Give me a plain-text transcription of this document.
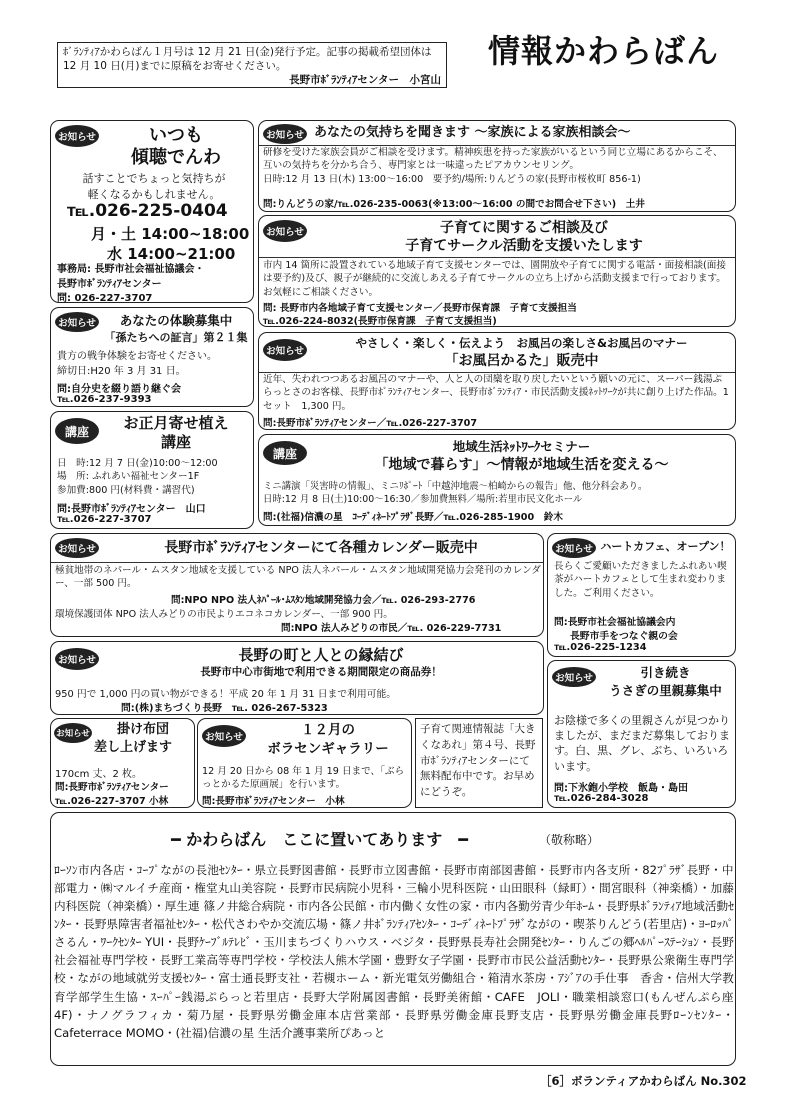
ﾎﾞﾗﾝﾃｨｱかわらばん１月号は 12 月 21 日(金)発行予定。記事の掲載希望団体は 12 月 10 日(月)までに原稿をお寄せください。
長野市ﾎﾞﾗﾝﾃｨｱセンター　小宮山
情報かわらばん
お知らせ	いつも
傾聴でんわ
話すことでちょっと気持ちが
軽くなるかもしれません。
℡.026-225-0404
月・土 14:00~18:00
水 14:00~21:00
事務局: 長野市社会福祉協議会・
長野市ﾎﾞﾗﾝﾃｨｱセンター
問: 026-227-3707
お知らせ あなたの気持ちを聞きます ～家族による家族相談会～
研修を受けた家族会員がご相談を受けます。精神疾患を持った家族がいるという同じ立場にあるからこそ、互いの気持ちを分かち合う、専門家とは一味違ったピアカウンセリング。
日時:12 月 13 日(木) 13:00～16:00　要予約/場所:りんどうの家(長野市桜枚町 856-1)
問:りんどうの家/℡.026-235-0063(※13:00～16:00 の間でお問合せ下さい)　土井
お知らせ	子育てに関するご相談及び
子育てサークル活動を支援いたします
市内 14 箇所に設置されている地域子育て支援センターでは、園開放や子育てに関する電話・面接相談(面接は要予約)及び、親子が継続的に交流しあえる子育てサークルの立ち上げから活動支援まで行っております。お気軽にご相談ください。
問: 長野市内各地域子育て支援センター／長野市保育課　子育て支援担当
℡.026-224-8032(長野市保育課　子育て支援担当)
お知らせ	あなたの体験募集中
「孫たちへの証言」第２１集
貴方の戦争体験をお寄せください。
締切日:H20 年 3 月 31 日。
問:自分史を綴り語り継ぐ会
℡.026-237-9393
お知らせ
やさしく・楽しく・伝えよう　お風呂の楽しさ&お風呂のマナー
「お風呂かるた」販売中
近年、失われつつあるお風呂のマナーや、人と人の団欒を取り戻したいという願いの元に、スーパー銭湯ぷらっとさのお客様、長野市ﾎﾞﾗﾝﾃｨｱセンター、長野市ﾎﾞﾗﾝﾃｨｱ・市民活動支援ﾈｯﾄﾜｰｸが共に創り上げた作品。1セット　1,300 円。
問:長野市ﾎﾞﾗﾝﾃｨｱセンター／℡.026-227-3707
講座	お正月寄せ植え
講座
日　時:12 月 7 日(金)10:00～12:00
場　所: ふれあい福祉センター1F
参加費:800 円(材料費・講習代)
問:長野市ﾎﾞﾗﾝﾃｨｱセンター　山口
℡.026-227-3707
講座	地域生活ﾈｯﾄﾜｰｸセミナー
「地域で暮らす」～情報が地域生活を変える～
ミニ講演「災害時の情報」、ミニﾘﾎﾟｰﾄ「中越沖地震～柏崎からの報告」他、他分科会あり。
日時:12 月 8 日(土)10:00～16:30／参加費無料／場所:若里市民文化ホール
問:(社福)信濃の星　ｺｰﾃﾞｨﾈｰﾄﾌﾟﾗｻﾞ長野／℡.026-285-1900　鈴木
お知らせ	長野市ﾎﾞﾗﾝﾃｨｱセンターにて各種カレンダー販売中
極貧地帯のネパール・ムスタン地域を支援している NPO 法人ネパール・ムスタン地域開発協力会発刊のカレンダー、一部 500 円。
問:NPO NPO 法人ﾈﾊﾟｰﾙ･ﾑｽﾀﾝ地域開発協力会／℡. 026-293-2776
環境保護団体 NPO 法人みどりの市民よりエコネコカレンダー、一部 900 円。
問:NPO 法人みどりの市民／℡. 026-229-7731
お知らせ ハートカフェ、オープン！
長らくご愛顧いただきましたふれあい喫茶がハートカフェとして生まれ変わりました。ご利用ください。
問:長野市社会福祉協議会内
長野市手をつなぐ親の会
℡.026-225-1234
お知らせ	長野の町と人との縁結び
長野市中心市街地で利用できる期間限定の商品券！
950 円で 1,000 円の買い物ができる！平成 20 年 1 月 31 日まで利用可能。
問:(株)まちづくり長野　℡. 026-267-5323
お知らせ	引き続き
うさぎの里親募集中
お陰様で多くの里親さんが見つかりましたが、まだまだ募集しております。白、黒、グレ、ぶち、いろいろいます。
問:下氷鉋小学校　飯島・島田
℡.026-284-3028
お知らせ	掛け布団
差し上げます
170cm 丈、2 枚。
問:長野市ﾎﾞﾗﾝﾃｨｱセンター
℡.026-227-3707 小林
お知らせ	１２月の
ボラセンギャラリー
12 月 20 日から 08 年 1 月 19 日まで、「ぶらっとかるた原画展」を行います。
問:長野市ﾎﾞﾗﾝﾃｨｱセンター　小林
子育て関連情報誌「大きくなあれ」第４号、長野市ﾎﾞﾗﾝﾃｨｱセンターにて無料配布中です。お早めにどうぞ。
━ かわらばん　ここに置いてあります　━	（敬称略）
ﾛｰｿﾝ市内各店・ｺｰﾌﾟながの長池ｾﾝﾀｰ・県立長野図書館・長野市立図書館・長野市南部図書館・長野市内各支所・82ﾌﾟﾗｻﾞ長野・中部電力・㈱マルイチ産商・権堂丸山美容院・長野市民病院小児科・三輪小児科医院・山田眼科（緑町）・間宮眼科（神楽橋）・加藤内科医院（神楽橋）・厚生連 篠ノ井総合病院・市内各公民館・市内働く女性の家・市内各勤労青少年ﾎｰﾑ・長野県ﾎﾞﾗﾝﾃｨｱ地域活動ｾﾝﾀｰ・長野県障害者福祉ｾﾝﾀｰ・松代さわやか交流広場・篠ノ井ﾎﾞﾗﾝﾃｨｱｾﾝﾀｰ・ｺｰﾃﾞｨﾈｰﾄﾌﾟﾗｻﾞながの・喫茶りんどう(若里店)・ﾖｰﾛｯﾊﾟ さるん・ﾜｰｸｾﾝﾀｰ YUI・長野ｹｰﾌﾞﾙﾃﾚﾋﾞ・玉川まちづくりハウス・ベジタ・長野県長寿社会開発ｾﾝﾀｰ・りんごの郷ﾍﾙﾊﾟｰｽﾃｰｼｮﾝ・長野社会福祉専門学校・長野工業高等専門学校・学校法人熊木学園・豊野女子学園・長野市市民公益活動ｾﾝﾀｰ・長野県公衆衛生専門学校・ながの地域就労支援ｾﾝﾀｰ・富士通長野支社・若槻ホーム・新光電気労働組合・箱清水茶房・ｱｼﾞｱの手仕事　香舎・信州大学教育学部学生生協・ｽｰﾊﾟｰ銭湯ぷらっと若里店・長野大学附属図書館・長野美術館・CAFE　JOLI・職業相談窓口(もんぜんぷら座 4F)・ナノグラフィカ・菊乃屋・長野県労働金庫本店営業部・長野県労働金庫長野支店・長野県労働金庫長野ﾛｰﾝｾﾝﾀｰ・Cafeterrace MOMO・(社福)信濃の星 生活介護事業所ぴあっと
［6］ボランティアかわらばん No.302
